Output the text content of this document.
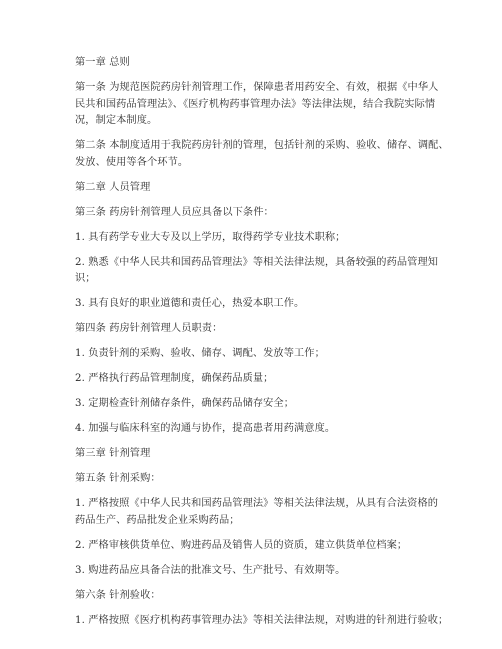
第一章 总则
第一条 为规范医院药房针剂管理工作，保障患者用药安全、有效，根据《中华人
民共和国药品管理法》、《医疗机构药事管理办法》等法律法规，结合我院实际情
况，制定本制度。
第二条 本制度适用于我院药房针剂的管理，包括针剂的采购、验收、储存、调配、
发放、使用等各个环节。
第二章 人员管理
第三条 药房针剂管理人员应具备以下条件：
1. 具有药学专业大专及以上学历，取得药学专业技术职称；
2. 熟悉《中华人民共和国药品管理法》等相关法律法规，具备较强的药品管理知
识；
3. 具有良好的职业道德和责任心，热爱本职工作。
第四条 药房针剂管理人员职责：
1. 负责针剂的采购、验收、储存、调配、发放等工作；
2. 严格执行药品管理制度，确保药品质量；
3. 定期检查针剂储存条件，确保药品储存安全；
4. 加强与临床科室的沟通与协作，提高患者用药满意度。
第三章 针剂管理
第五条 针剂采购：
1. 严格按照《中华人民共和国药品管理法》等相关法律法规，从具有合法资格的
药品生产、药品批发企业采购药品；
2. 严格审核供货单位、购进药品及销售人员的资质，建立供货单位档案；
3. 购进药品应具备合法的批准文号、生产批号、有效期等。
第六条 针剂验收：
1. 严格按照《医疗机构药事管理办法》等相关法律法规，对购进的针剂进行验收；
